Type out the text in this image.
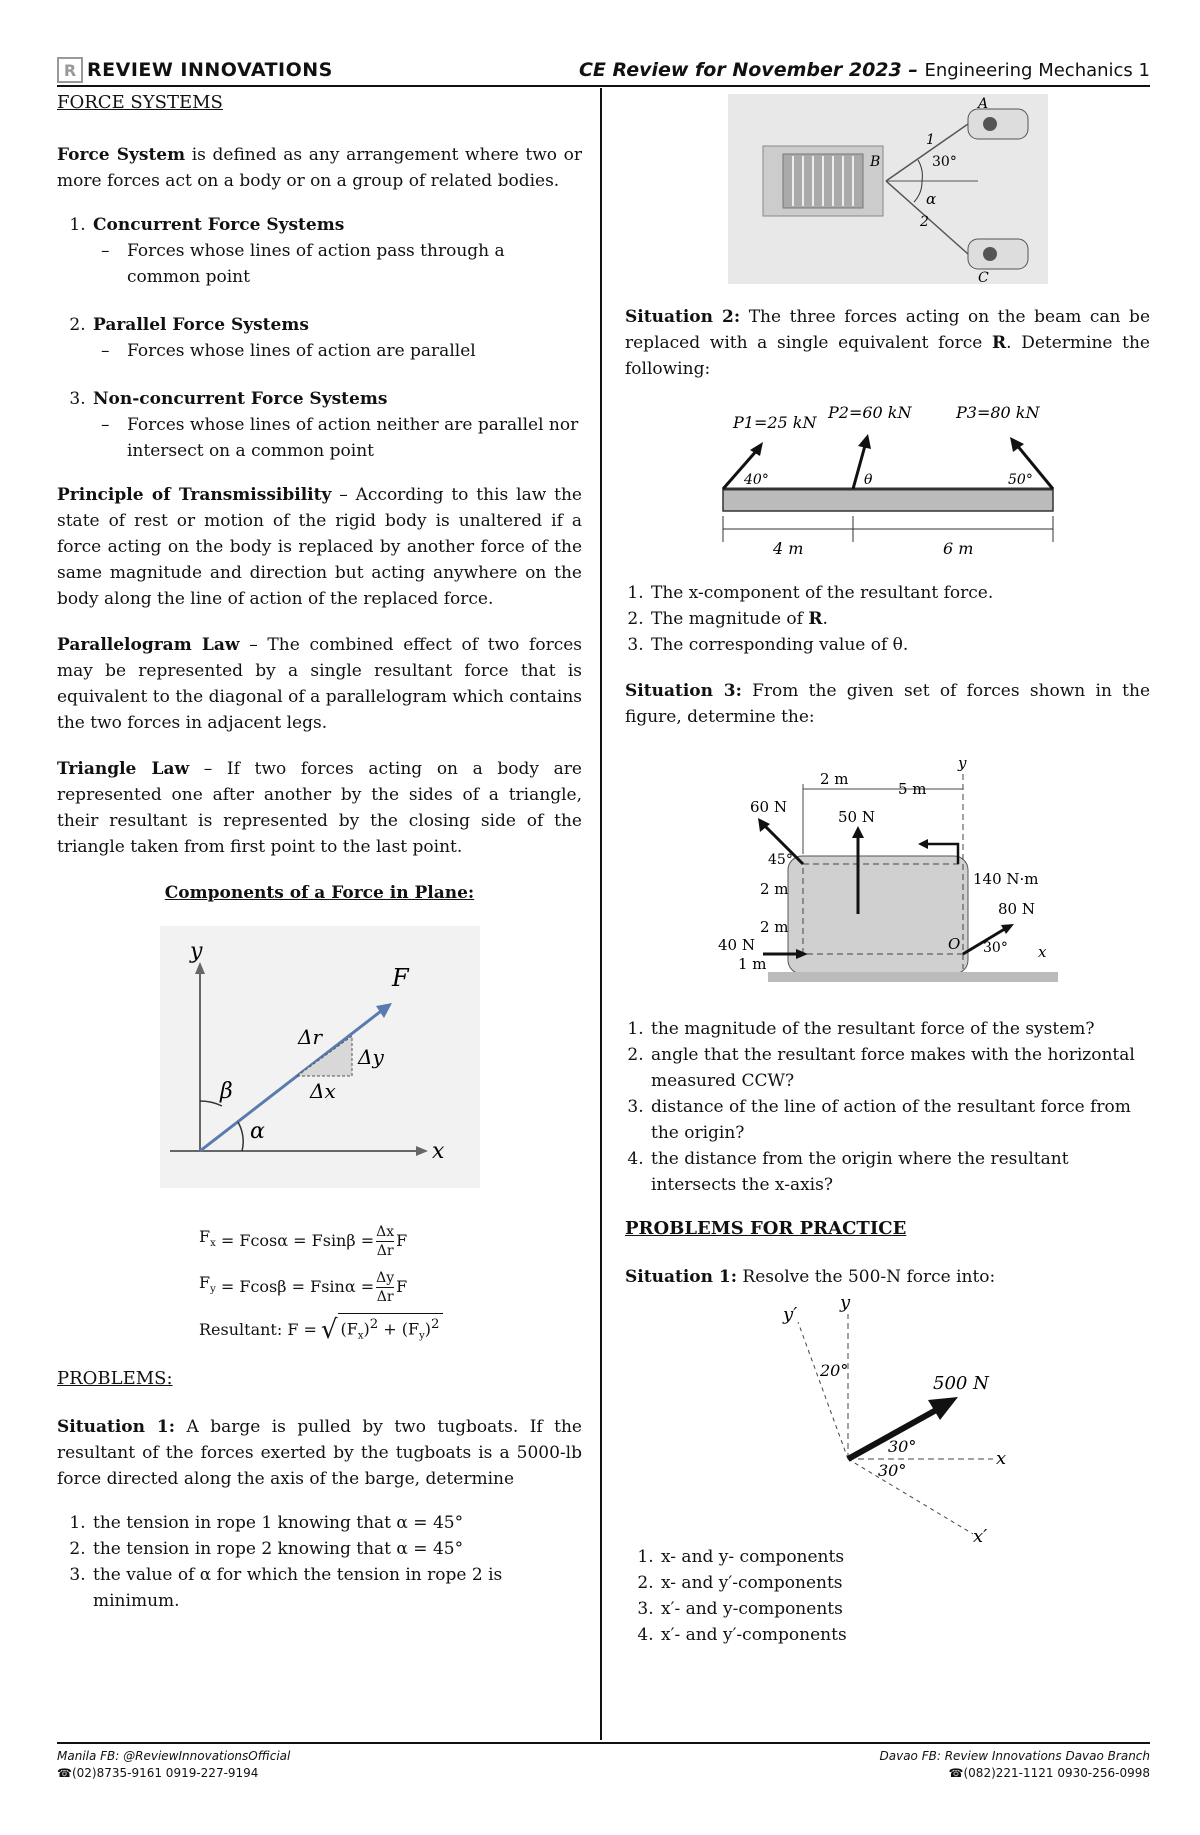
R REVIEW INNOVATIONS	CE Review for November 2023 – Engineering Mechanics 1

FORCE SYSTEMS

Force System is defined as any arrangement where two or more forces act on a body or on a group of related bodies.

1. Concurrent Force Systems
– Forces whose lines of action pass through a common point
2. Parallel Force Systems
– Forces whose lines of action are parallel
3. Non-concurrent Force Systems
– Forces whose lines of action neither are parallel nor intersect on a common point

Principle of Transmissibility – According to this law the state of rest or motion of the rigid body is unaltered if a force acting on the body is replaced by another force of the same magnitude and direction but acting anywhere on the body along the line of action of the replaced force.

Parallelogram Law – The combined effect of two forces may be represented by a single resultant force that is equivalent to the diagonal of a parallelogram which contains the two forces in adjacent legs.

Triangle Law – If two forces acting on a body are represented one after another by the sides of a triangle, their resultant is represented by the closing side of the triangle taken from first point to the last point.

Components of a Force in Plane:

y
x
F
Δr
Δy
Δx
β
α
$F_x = Fcos\alpha = Fsin\beta = \frac{\Delta x}{\Delta r}$ F
$F_y = Fcos\beta = Fsin\alpha = \frac{\Delta y}{\Delta r}$ F
Resultant: F = √ $(F_x)^2 + (F_y)^2$

PROBLEMS:

Situation 1: A barge is pulled by two tugboats. If the resultant of the forces exerted by the tugboats is a 5000-lb force directed along the axis of the barge, determine

1. the tension in rope 1 knowing that α = 45°
2. the tension in rope 2 knowing that α = 45°
3. the value of α for which the tension in rope 2 is minimum.
A
B
C
1
2
30°
α

Situation 2: The three forces acting on the beam can be replaced with a single equivalent force R. Determine the following:

P1=25 kN
P2=60 kN	P3=80 kN
40°	θ	50°
4 m	6 m

1. The x-component of the resultant force.
2. The magnitude of R.
3. The corresponding value of θ.

Situation 3: From the given set of forces shown in the figure, determine the:

60 N
50 N
40 N
80 N
140 N·m
2 m
5 m
45°
2 m
2 m
1 m
O 30°
y
x

1. the magnitude of the resultant force of the system?
2. angle that the resultant force makes with the horizontal measured CCW?
3. distance of the line of action of the resultant force from the origin?
4. the distance from the origin where the resultant intersects the x-axis?

PROBLEMS FOR PRACTICE

Situation 1: Resolve the 500-N force into:

y′
y
x
x′
500 N
20°
30°
30°
1. x- and y- components
2. x- and y′-components
3. x′- and y-components
4. x′- and y′-components
Manila FB: @ReviewInnovationsOfficial
☎(02)8735-9161 0919-227-9194
Davao FB: Review Innovations Davao Branch
☎(082)221-1121 0930-256-0998
